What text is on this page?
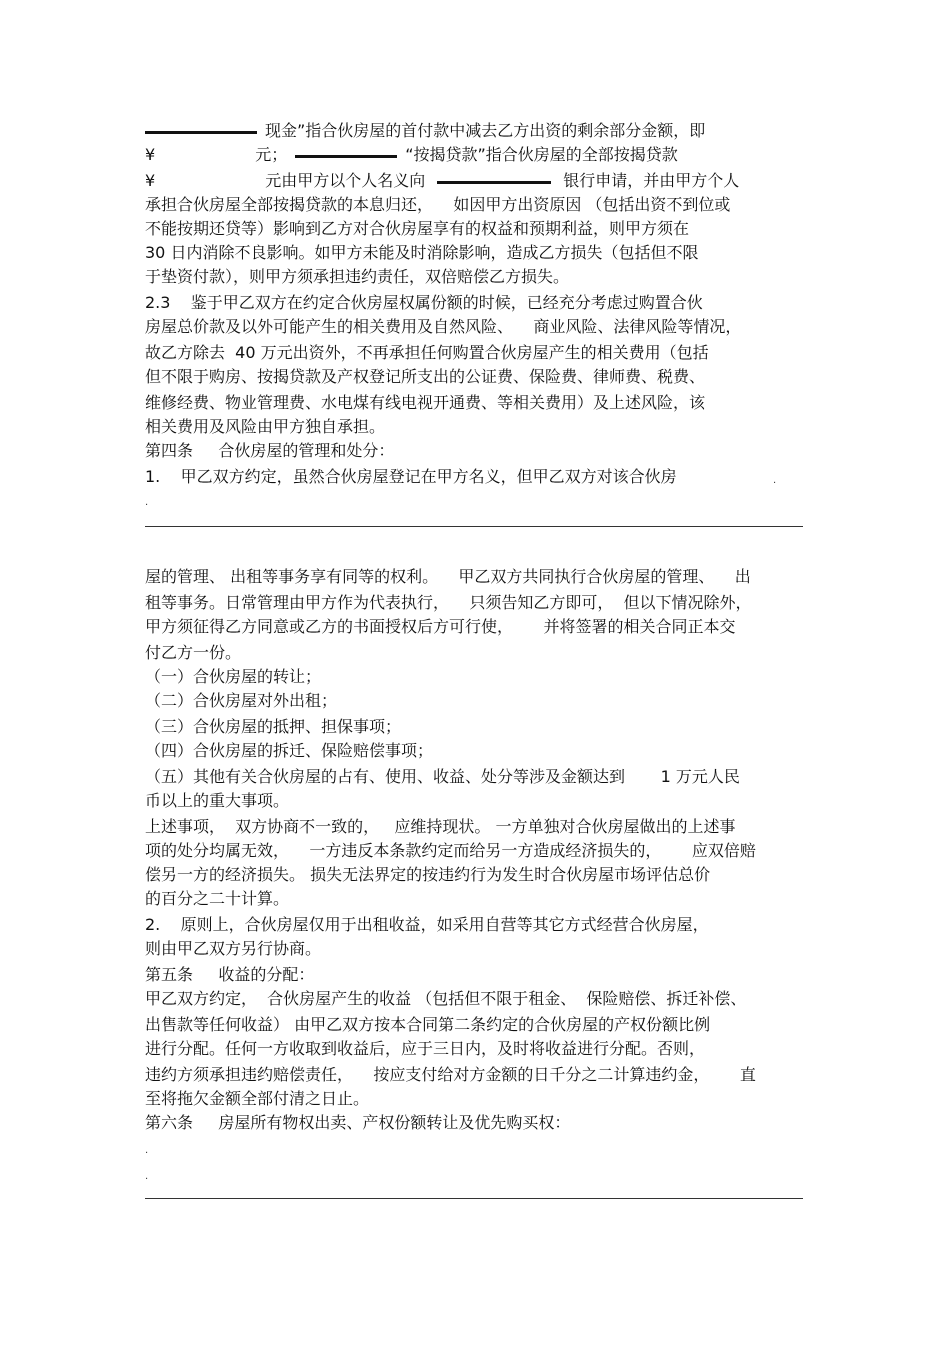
现金”指合伙房屋的首付款中减去乙方出资的剩余部分金额，即
¥	元；	“按揭贷款”指合伙房屋的全部按揭贷款
¥	元由甲方以个人名义向	银行申请，并由甲方个人
承担合伙房屋全部按揭贷款的本息归还，    如因甲方出资原因 （包括出资不到位或
不能按期还贷等）影响到乙方对合伙房屋享有的权益和预期利益，则甲方须在
30 日内消除不良影响。如甲方未能及时消除影响，造成乙方损失（包括但不限
于垫资付款），则甲方须承担违约责任，双倍赔偿乙方损失。
2.3    鉴于甲乙双方在约定合伙房屋权属份额的时候，已经充分考虑过购置合伙
房屋总价款及以外可能产生的相关费用及自然风险、    商业风险、法律风险等情况，
故乙方除去  40 万元出资外，不再承担任何购置合伙房屋产生的相关费用（包括
但不限于购房、按揭贷款及产权登记所支出的公证费、保险费、律师费、税费、
维修经费、物业管理费、水电煤有线电视开通费、等相关费用）及上述风险，该
相关费用及风险由甲方独自承担。
第四条     合伙房屋的管理和处分：
1.    甲乙双方约定，虽然合伙房屋登记在甲方名义，但甲乙双方对该合伙房	.
.
屋的管理、 出租等事务享有同等的权利。    甲乙双方共同执行合伙房屋的管理、    出
租等事务。日常管理由甲方作为代表执行，    只须告知乙方即可，  但以下情况除外，
甲方须征得乙方同意或乙方的书面授权后方可行使，      并将签署的相关合同正本交
付乙方一份。
（一）合伙房屋的转让；
（二）合伙房屋对外出租；
（三）合伙房屋的抵押、担保事项；
（四）合伙房屋的拆迁、保险赔偿事项；
（五）其他有关合伙房屋的占有、使用、收益、处分等涉及金额达到       1 万元人民
币以上的重大事项。
上述事项，  双方协商不一致的，   应维持现状。 一方单独对合伙房屋做出的上述事
项的处分均属无效，    一方违反本条款约定而给另一方造成经济损失的，      应双倍赔
偿另一方的经济损失。 损失无法界定的按违约行为发生时合伙房屋市场评估总价
的百分之二十计算。
2.    原则上，合伙房屋仅用于出租收益，如采用自营等其它方式经营合伙房屋，
则由甲乙双方另行协商。
第五条     收益的分配：
甲乙双方约定，  合伙房屋产生的收益 （包括但不限于租金、  保险赔偿、拆迁补偿、
出售款等任何收益） 由甲乙双方按本合同第二条约定的合伙房屋的产权份额比例
进行分配。任何一方收取到收益后，应于三日内，及时将收益进行分配。否则，
违约方须承担违约赔偿责任，    按应支付给对方金额的日千分之二计算违约金，      直
至将拖欠金额全部付清之日止。
第六条     房屋所有物权出卖、产权份额转让及优先购买权：
.
.
